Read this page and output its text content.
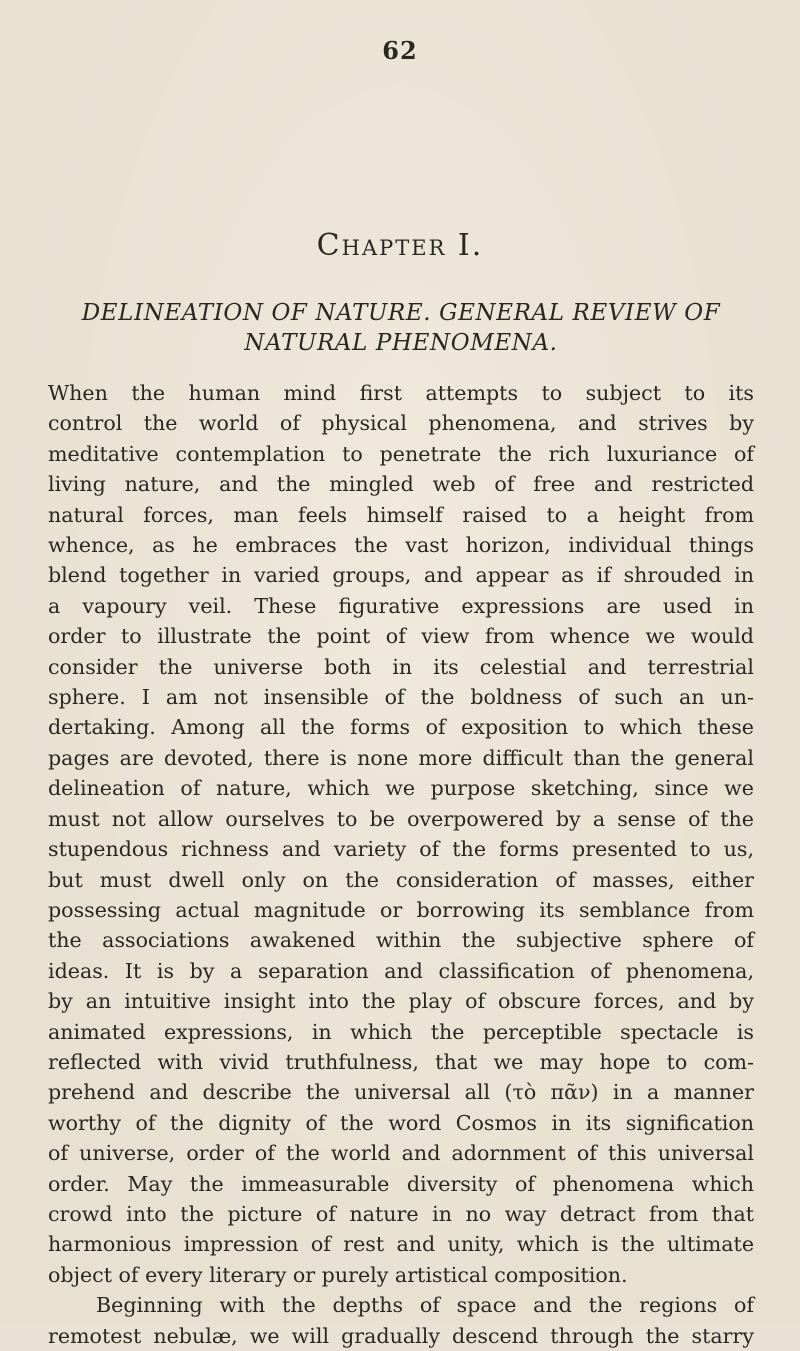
62
Chapter I.
DELINEATION OF NATURE. GENERAL REVIEW OF
NATURAL PHENOMENA.
When the human mind first attempts to subject to its
control the world of physical phenomena, and strives by
meditative contemplation to penetrate the rich luxuriance of
living nature, and the mingled web of free and restricted
natural forces, man feels himself raised to a height from
whence, as he embraces the vast horizon, individual things
blend together in varied groups, and appear as if shrouded in
a vapoury veil. These figurative expressions are used in
order to illustrate the point of view from whence we would
consider the universe both in its celestial and terrestrial
sphere. I am not insensible of the boldness of such an un-
dertaking. Among all the forms of exposition to which these
pages are devoted, there is none more difficult than the general
delineation of nature, which we purpose sketching, since we
must not allow ourselves to be overpowered by a sense of the
stupendous richness and variety of the forms presented to us,
but must dwell only on the consideration of masses, either
possessing actual magnitude or borrowing its semblance from
the associations awakened within the subjective sphere of
ideas. It is by a separation and classification of phenomena,
by an intuitive insight into the play of obscure forces, and by
animated expressions, in which the perceptible spectacle is
reflected with vivid truthfulness, that we may hope to com-
prehend and describe the universal all (τὸ πᾶν) in a manner
worthy of the dignity of the word Cosmos in its signification
of universe, order of the world and adornment of this universal
order. May the immeasurable diversity of phenomena which
crowd into the picture of nature in no way detract from that
harmonious impression of rest and unity, which is the ultimate
object of every literary or purely artistical composition.
Beginning with the depths of space and the regions of
remotest nebulæ, we will gradually descend through the starry
